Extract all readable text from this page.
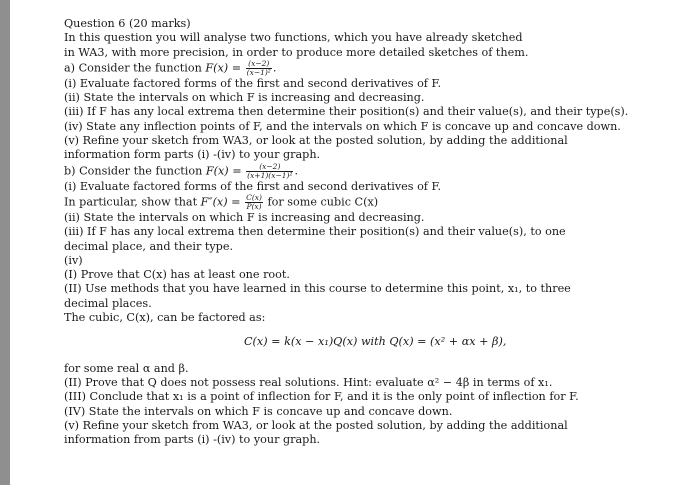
Question 6 (20 marks)
In this question you will analyse two functions, which you have already sketched
in WA3, with more precision, in order to produce more detailed sketches of them.
a) Consider the function $F(x) = \frac{(x-2)}{\text{(x−1)²}}$ .
(i) Evaluate factored forms of the first and second derivatives of F.
(ii) State the intervals on which F is increasing and decreasing.
(iii) If F has any local extrema then determine their position(s) and their value(s), and their type(s).
(iv) State any inflection points of F, and the intervals on which F is concave up and concave down.
(v) Refine your sketch from WA3, or look at the posted solution, by adding the additional
information form parts (i) -(iv) to your graph.
b) Consider the function $F(x) = \frac{(x-2)}{\text{(x+1)(x−1)²}}$ .
(i) Evaluate factored forms of the first and second derivatives of F.
In particular, show that $F''(x) = \frac{C(x)}{P(x)}$ for some cubic C(x)
(ii) State the intervals on which F is increasing and decreasing.
(iii) If F has any local extrema then determine their position(s) and their value(s), to one
decimal place, and their type.
(iv)
(I) Prove that C(x) has at least one root.
(II) Use methods that you have learned in this course to determine this point, x₁, to three
decimal places.
The cubic, C(x), can be factored as:
C(x) = k(x − x₁)Q(x) with Q(x) = (x² + αx + β),
for some real α and β.
(II) Prove that Q does not possess real solutions. Hint: evaluate α² − 4β in terms of x₁.
(III) Conclude that x₁ is a point of inflection for F, and it is the only point of inflection for F.
(IV) State the intervals on which F is concave up and concave down.
(v) Refine your sketch from WA3, or look at the posted solution, by adding the additional
information from parts (i) -(iv) to your graph.
